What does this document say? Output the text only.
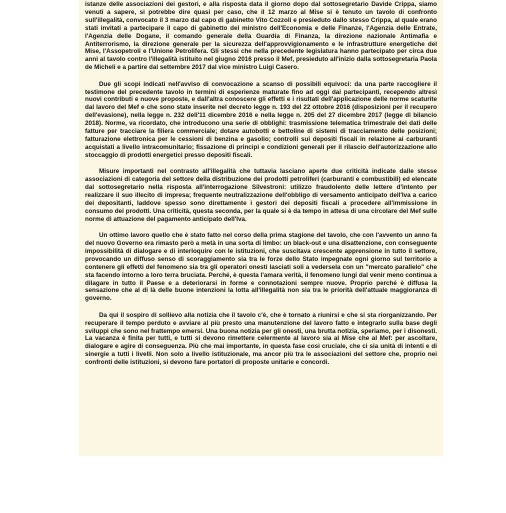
istanze delle associazioni dei gestori, e alla risposta data il giorno dopo dal sottosegretario Davide Crippa, siamo venuti a sapere, si potrebbe dire quasi per caso, che il 12 marzo al Mise si è tenuto un tavolo di confronto sull'illegalità, convocato il 3 marzo dal capo di gabinetto Vito Cozzoli e presieduto dallo stesso Crippa, al quale erano stati invitati a partecipare il capo di gabinetto del ministro dell'Economia e delle Finanze, l'Agenzia delle Entrate, l'Agenzia delle Dogane, il comando generale della Guardia di Finanza, la direzione nazionale Antimafia e Antiterrorismo, la direzione generale per la sicurezza dell'approvvigionamento e le infrastrutture energetiche del Mise, l'Assopetroli e l'Unione Petrolifera. Gli stessi che nella precedente legislatura hanno partecipato per circa due anni al tavolo contro l'illegalità istituito nel giugno 2016 presso il Mef, presieduto all'inizio dalla sottosegretaria Paola de Micheli e a partire dal settembre 2017 dal vice ministro Luigi Casero.

Due gli scopi indicati nell'avviso di convocazione a scanso di possibili equivoci: da una parte raccogliere il testimone del precedente tavolo in termini di esperienze maturate fino ad oggi dai partecipanti, recependo altresì nuovi contributi e nuove proposte, e dall'altra conoscere gli effetti e i risultati dell'applicazione delle norme scaturite dal lavoro del Mef e che sono state inserite nel decreto legge n. 193 del 22 ottobre 2016 (disposizioni per il recupero dell'evasione), nella legge n. 232 dell'11 dicembre 2016 e nella legge n. 205 del 27 dicembre 2017 (legge di bilancio 2018). Norme, va ricordato, che introducono una serie di obblighi: trasmissione telematica trimestrale dei dati delle fatture per tracciare la filiera commerciale; dotare autobotti e bettoline di sistemi di tracciamento delle posizioni; fatturazione elettronica per le cessioni di benzina e gasolio; controlli sui depositi fiscali in relazione ai carburanti acquistati a livello intracomunitario; fissazione di principi e condizioni generali per il rilascio dell'autorizzazione allo stoccaggio di prodotti energetici presso depositi fiscali.

Misure importanti nel contrasto all'illegalità che tuttavia lasciano aperte due criticità indicate dalle stesse associazioni di categoria del settore della distribuzione dei prodotti petroliferi (carburanti e combustibili) ed elencate dal sottosegretario nella risposta all'interrogazione Silvestroni: utilizzo fraudolento delle lettere d'intento per realizzare il suo illecito di impresa; frequente neutralizzazione dell'obbligo di versamento anticipato dell'Iva a carico dei depositanti, laddove spesso sono direttamente i gestori dei depositi fiscali a procedere all'immissione in consumo dei prodotti. Una criticità, questa seconda, per la quale si è da tempo in attesa di una circolare del Mef sulle norme di attuazione del pagamento anticipato dell'Iva.

Un ottimo lavoro quello che è stato fatto nel corso della prima stagione del tavolo, che con l'avvento un anno fa del nuovo Governo era rimasto però a metà in una sorta di limbo: un black-out e una disattenzione, con conseguente impossibilità di dialogare e di interloquire con le istituzioni, che suscitava crescente apprensione in tutto il settore, provocando un diffuso senso di scoraggiamento sia tra le forze dello Stato impegnate ogni giorno sul territorio a contenere gli effetti del fenomeno sia tra gli operatori onesti lasciati soli a vedersela con un "mercato parallelo" che sta facendo intorno a loro terra bruciata. Perché, è questa l'amara verità, il fenomeno lungi dal venir meno continua a dilagare in tutto il Paese e a deteriorarsi in forme e connotazioni sempre nuove. Proprio perché è diffusa la sensazione che al di là delle buone intenzioni la lotta all'illegalità non sia tra le priorità dell'attuale maggioranza di governo.

Da qui il sospiro di sollievo alla notizia che il tavolo c'è, che è tornato a riunirsi e che si sta riorganizzando. Per recuperare il tempo perduto e avviare al più presto una manutenzione del lavoro fatto e integrarlo sulla base degli sviluppi che sono nel frattempo emersi. Una buona notizia per gli onesti, una brutta notizia, speriamo, per i disonesti. La vacanza è finita per tutti, e tutti si devono rimettere celermente al lavoro sia al Mise che al Mef: per ascoltare, dialogare e agire di conseguenza. Più che mai importante, in questa fase così cruciale, che ci sia unità di intenti e di sinergie a tutti i livelli. Non solo a livello istituzionale, ma ancor più tra le associazioni del settore che, proprio nei confronti delle istituzioni, si devono fare portatori di proposte unitarie e concordi.
